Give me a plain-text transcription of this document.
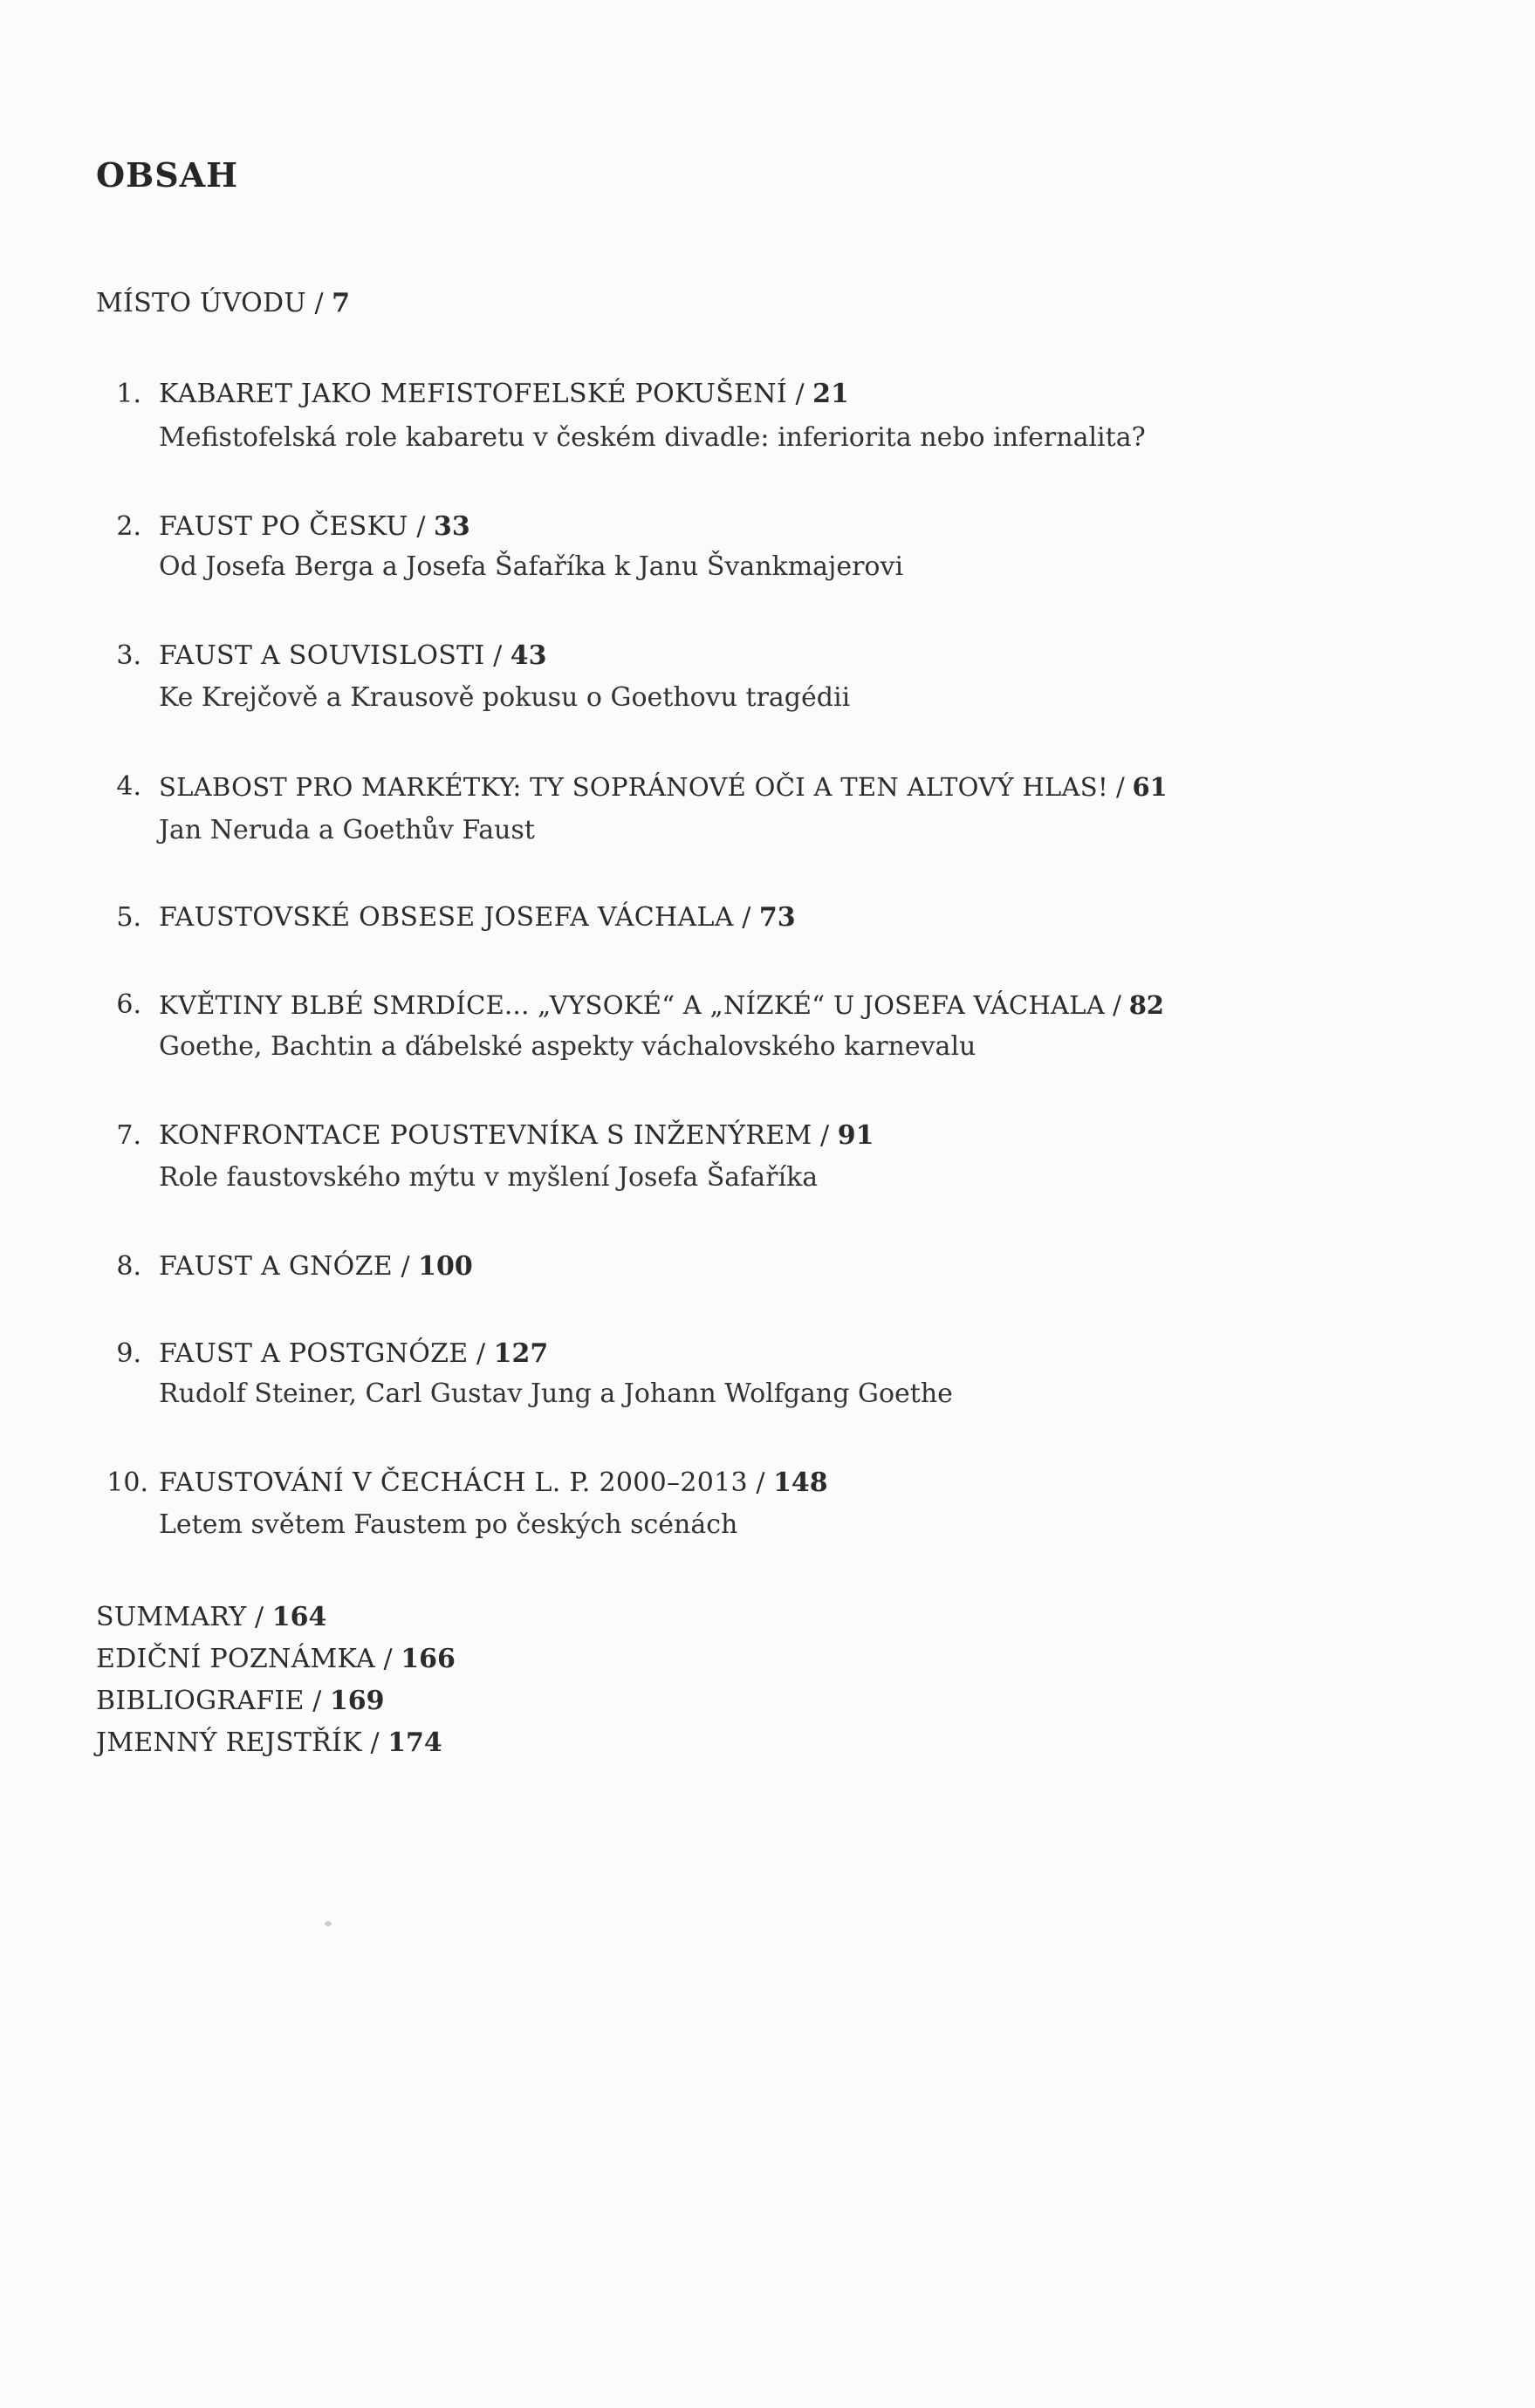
OBSAH
MÍSTO ÚVODU / 7
1. KABARET JAKO MEFISTOFELSKÉ POKUŠENÍ / 21
Mefistofelská role kabaretu v českém divadle: inferiorita nebo infernalita?
2. FAUST PO ČESKU / 33
Od Josefa Berga a Josefa Šafaříka k Janu Švankmajerovi
3. FAUST A SOUVISLOSTI / 43
Ke Krejčově a Krausově pokusu o Goethovu tragédii
4. SLABOST PRO MARKÉTKY: TY SOPRÁNOVÉ OČI A TEN ALTOVÝ HLAS! / 61
Jan Neruda a Goethův Faust
5. FAUSTOVSKÉ OBSESE JOSEFA VÁCHALA / 73
6. KVĚTINY BLBÉ SMRDÍCE... „VYSOKÉ“ A „NÍZKÉ“ U JOSEFA VÁCHALA / 82
Goethe, Bachtin a ďábelské aspekty váchalovského karnevalu
7. KONFRONTACE POUSTEVNÍKA S INŽENÝREM / 91
Role faustovského mýtu v myšlení Josefa Šafaříka
8. FAUST A GNÓZE / 100
9. FAUST A POSTGNÓZE / 127
Rudolf Steiner, Carl Gustav Jung a Johann Wolfgang Goethe
10. FAUSTOVÁNÍ V ČECHÁCH L. P. 2000–2013 / 148
Letem světem Faustem po českých scénách
SUMMARY / 164
EDIČNÍ POZNÁMKA / 166
BIBLIOGRAFIE / 169
JMENNÝ REJSTŘÍK / 174
